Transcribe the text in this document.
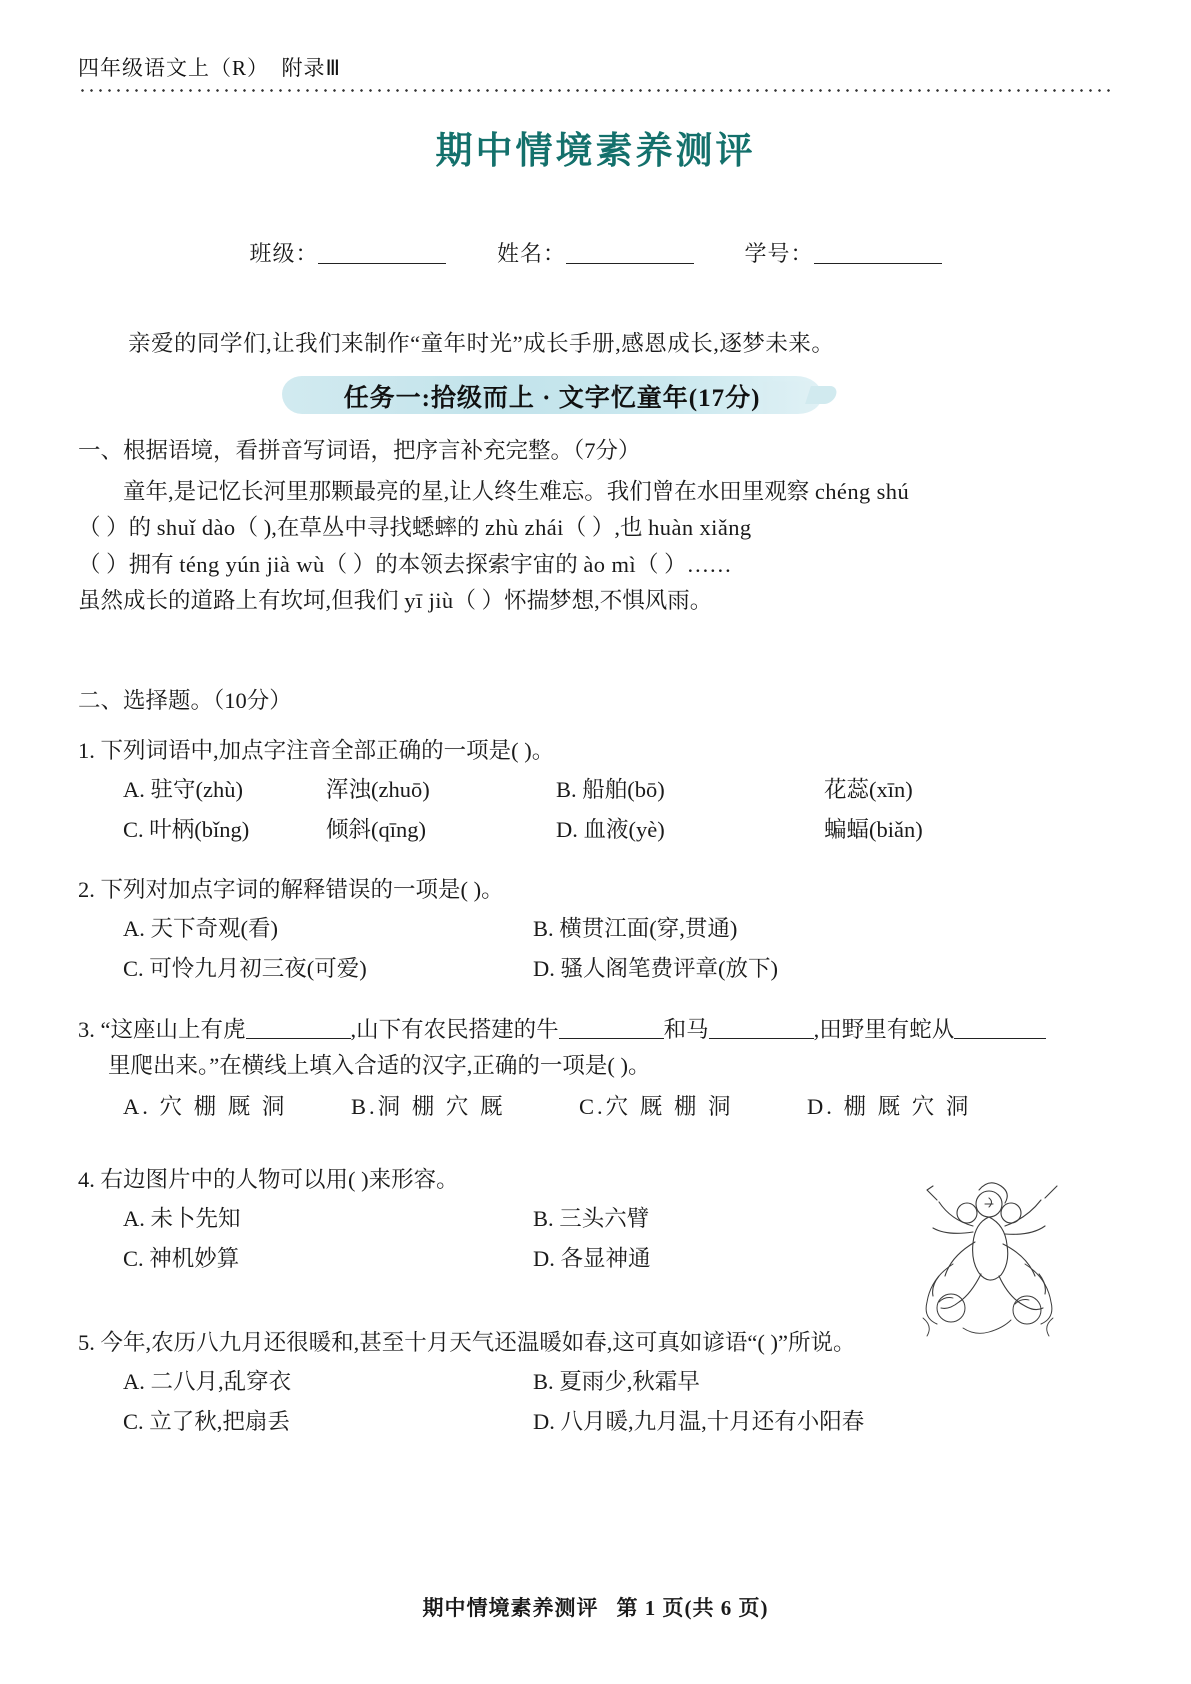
四年级语文上（R）  附录Ⅲ
期中情境素养测评
班级：	姓名：	学号：
亲爱的同学们,让我们来制作“童年时光”成长手册,感恩成长,逐梦未来。
任务一:拾级而上 · 文字忆童年(17分)
一、根据语境，看拼音写词语，把序言补充完整。（7分）
童年,是记忆长河里那颗最亮的星,让人终生难忘。我们曾在水田里观察 chéng shú
（ ）的 shuǐ dào（ ),在草丛中寻找蟋蟀的 zhù zhái（ ）,也 huàn xiǎng
（ ）拥有 téng yún jià wù（ ）的本领去探索宇宙的 ào mì（ ）……
虽然成长的道路上有坎坷,但我们 yī jiù（ ）怀揣梦想,不惧风雨。
二、选择题。（10分）
1. 下列词语中,加点字注音全部正确的一项是( )。
A. 驻守(zhù)	浑浊(zhuō)	B. 船舶(bō)	花蕊(xīn)
C. 叶柄(bǐng)	倾斜(qīng)	D. 血液(yè)	蝙蝠(biǎn)
2. 下列对加点字词的解释错误的一项是( )。
A. 天下奇观(看)	B. 横贯江面(穿,贯通)
C. 可怜九月初三夜(可爱)	D. 骚人阁笔费评章(放下)
3. “这座山上有虎	,山下有农民搭建的牛	和马	,田野里有蛇从
里爬出来。”在横线上填入合适的汉字,正确的一项是( )。
A. 穴 棚 厩 洞	B.洞 棚 穴 厩	C.穴 厩 棚 洞	D. 棚 厩 穴 洞
4. 右边图片中的人物可以用( )来形容。
A. 未卜先知	B. 三头六臂
C. 神机妙算	D. 各显神通
5. 今年,农历八九月还很暖和,甚至十月天气还温暖如春,这可真如谚语“( )”所说。
A. 二八月,乱穿衣	B. 夏雨少,秋霜早
C. 立了秋,把扇丢	D. 八月暖,九月温,十月还有小阳春
期中情境素养测评 第 1 页(共 6 页)
